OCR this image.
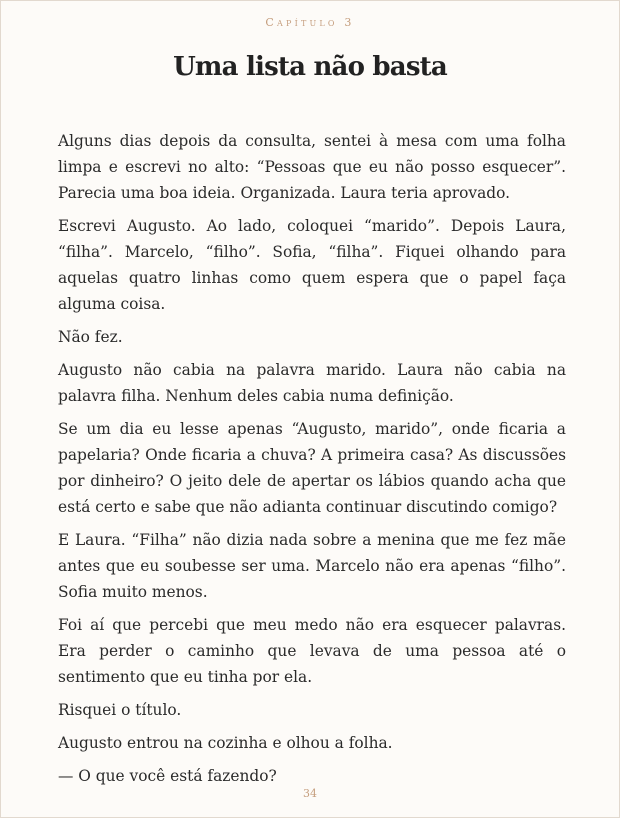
Capítulo 3
Uma lista não basta

Alguns dias depois da consulta, sentei à mesa com uma folha limpa e escrevi no alto: “Pessoas que eu não posso esquecer”. Parecia uma boa ideia. Organizada. Laura teria aprovado.

Escrevi Augusto. Ao lado, coloquei “marido”. Depois Laura, “filha”. Marcelo, “filho”. Sofia, “filha”. Fiquei olhando para aquelas quatro linhas como quem espera que o papel faça alguma coisa.

Não fez.

Augusto não cabia na palavra marido. Laura não cabia na palavra filha. Nenhum deles cabia numa definição.

Se um dia eu lesse apenas “Augusto, marido”, onde ficaria a papelaria? Onde ficaria a chuva? A primeira casa? As discussões por dinheiro? O jeito dele de apertar os lábios quando acha que está certo e sabe que não adianta continuar discutindo comigo?

E Laura. “Filha” não dizia nada sobre a menina que me fez mãe antes que eu soubesse ser uma. Marcelo não era apenas “filho”. Sofia muito menos.

Foi aí que percebi que meu medo não era esquecer palavras. Era perder o caminho que levava de uma pessoa até o sentimento que eu tinha por ela.

Risquei o título.

Augusto entrou na cozinha e olhou a folha.

— O que você está fazendo?

34
